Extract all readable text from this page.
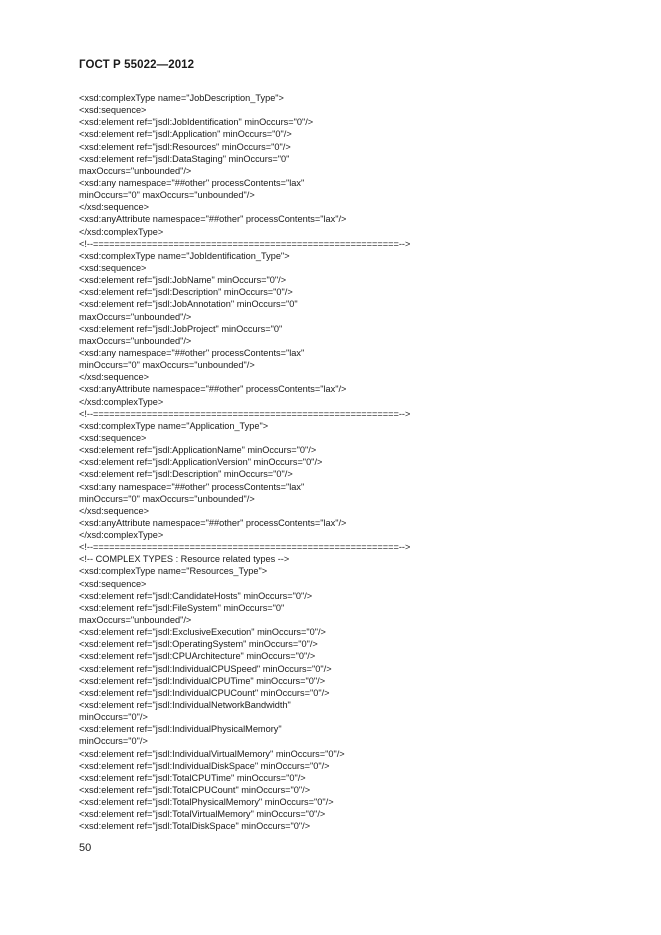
ГОСТ Р 55022—2012
<xsd:complexType name="JobDescription_Type">
<xsd:sequence>
<xsd:element ref="jsdl:JobIdentification" minOccurs="0"/>
<xsd:element ref="jsdl:Application" minOccurs="0"/>
<xsd:element ref="jsdl:Resources" minOccurs="0"/>
<xsd:element ref="jsdl:DataStaging" minOccurs="0"
maxOccurs="unbounded"/>
<xsd:any namespace="##other" processContents="lax"
minOccurs="0" maxOccurs="unbounded"/>
</xsd:sequence>
<xsd:anyAttribute namespace="##other" processContents="lax"/>
</xsd:complexType>
<!--=========================================================-->
<xsd:complexType name="JobIdentification_Type">
<xsd:sequence>
<xsd:element ref="jsdl:JobName" minOccurs="0"/>
<xsd:element ref="jsdl:Description" minOccurs="0"/>
<xsd:element ref="jsdl:JobAnnotation" minOccurs="0"
maxOccurs="unbounded"/>
<xsd:element ref="jsdl:JobProject" minOccurs="0"
maxOccurs="unbounded"/>
<xsd:any namespace="##other" processContents="lax"
minOccurs="0" maxOccurs="unbounded"/>
</xsd:sequence>
<xsd:anyAttribute namespace="##other" processContents="lax"/>
</xsd:complexType>
<!--=========================================================-->
<xsd:complexType name="Application_Type">
<xsd:sequence>
<xsd:element ref="jsdl:ApplicationName" minOccurs="0"/>
<xsd:element ref="jsdl:ApplicationVersion" minOccurs="0"/>
<xsd:element ref="jsdl:Description" minOccurs="0"/>
<xsd:any namespace="##other" processContents="lax"
minOccurs="0" maxOccurs="unbounded"/>
</xsd:sequence>
<xsd:anyAttribute namespace="##other" processContents="lax"/>
</xsd:complexType>
<!--=========================================================-->
<!-- COMPLEX TYPES : Resource related types -->
<xsd:complexType name="Resources_Type">
<xsd:sequence>
<xsd:element ref="jsdl:CandidateHosts" minOccurs="0"/>
<xsd:element ref="jsdl:FileSystem" minOccurs="0"
maxOccurs="unbounded"/>
<xsd:element ref="jsdl:ExclusiveExecution" minOccurs="0"/>
<xsd:element ref="jsdl:OperatingSystem" minOccurs="0"/>
<xsd:element ref="jsdl:CPUArchitecture" minOccurs="0"/>
<xsd:element ref="jsdl:IndividualCPUSpeed" minOccurs="0"/>
<xsd:element ref="jsdl:IndividualCPUTime" minOccurs="0"/>
<xsd:element ref="jsdl:IndividualCPUCount" minOccurs="0"/>
<xsd:element ref="jsdl:IndividualNetworkBandwidth"
minOccurs="0"/>
<xsd:element ref="jsdl:IndividualPhysicalMemory"
minOccurs="0"/>
<xsd:element ref="jsdl:IndividualVirtualMemory" minOccurs="0"/>
<xsd:element ref="jsdl:IndividualDiskSpace" minOccurs="0"/>
<xsd:element ref="jsdl:TotalCPUTime" minOccurs="0"/>
<xsd:element ref="jsdl:TotalCPUCount" minOccurs="0"/>
<xsd:element ref="jsdl:TotalPhysicalMemory" minOccurs="0"/>
<xsd:element ref="jsdl:TotalVirtualMemory" minOccurs="0"/>
<xsd:element ref="jsdl:TotalDiskSpace" minOccurs="0"/>
50
